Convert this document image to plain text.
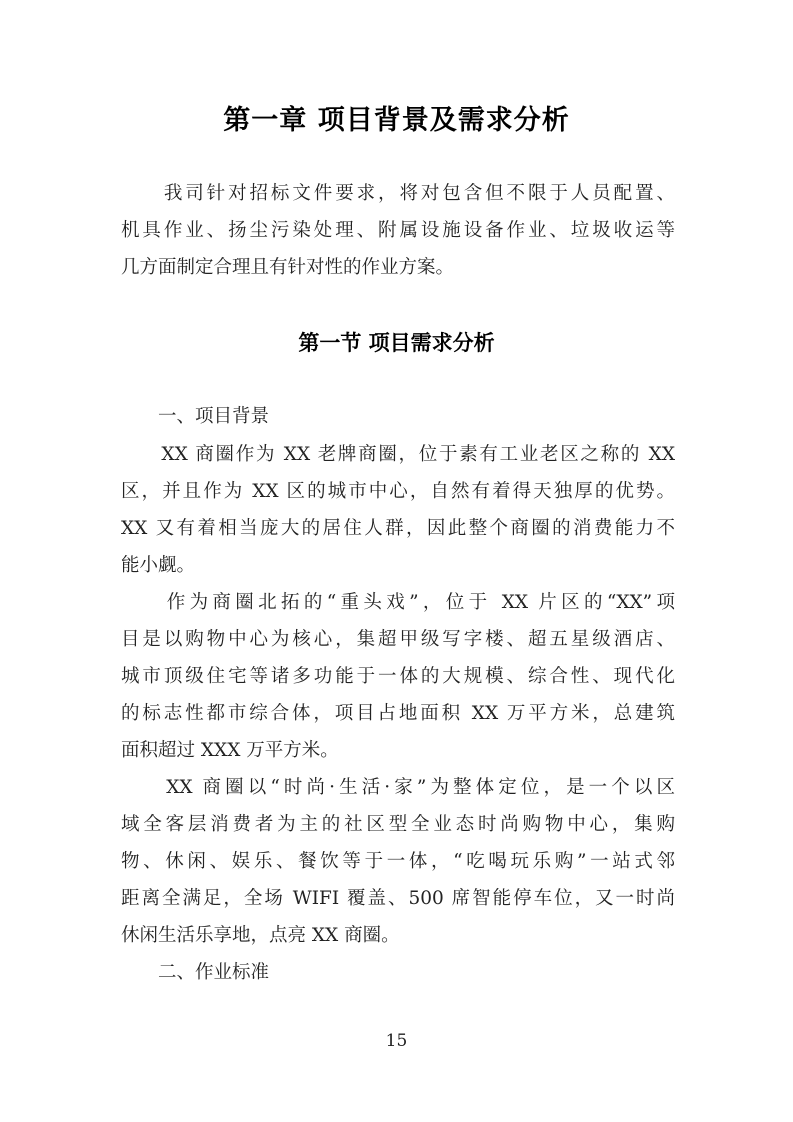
第一章 项目背景及需求分析
　　我司针对招标文件要求，将对包含但不限于人员配置、
机具作业、扬尘污染处理、附属设施设备作业、垃圾收运等
几方面制定合理且有针对性的作业方案。
第一节 项目需求分析
　　一、项目背景
　　XX 商圈作为 XX 老牌商圈，位于素有工业老区之称的 XX
区，并且作为 XX 区的城市中心，自然有着得天独厚的优势。
XX 又有着相当庞大的居住人群，因此整个商圈的消费能力不
能小觑。
　　作为商圈北拓的“重头戏”，位于 XX 片区的“XX”项
目是以购物中心为核心，集超甲级写字楼、超五星级酒店、
城市顶级住宅等诸多功能于一体的大规模、综合性、现代化
的标志性都市综合体，项目占地面积 XX 万平方米，总建筑
面积超过 XXX 万平方米。
　　XX 商圈以“时尚·生活·家”为整体定位，是一个以区
域全客层消费者为主的社区型全业态时尚购物中心，集购
物、休闲、娱乐、餐饮等于一体，“吃喝玩乐购”一站式邻
距离全满足，全场 WIFI 覆盖、500 席智能停车位，又一时尚
休闲生活乐享地，点亮 XX 商圈。
　　二、作业标准
15
